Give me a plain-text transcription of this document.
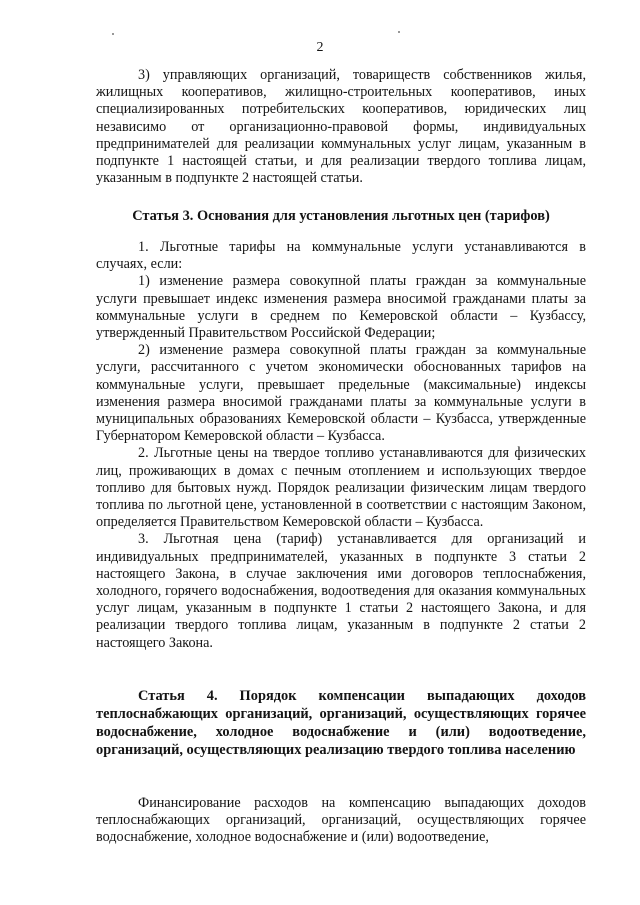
2

3) управляющих организаций, товариществ собственников жилья, жилищных кооперативов, жилищно-строительных кооперативов, иных специализированных потребительских кооперативов, юридических лиц независимо от организационно-правовой формы, индивидуальных предпринимателей для реализации коммунальных услуг лицам, указанным в подпункте 1 настоящей статьи, и для реализации твердого топлива лицам, указанным в подпункте 2 настоящей статьи.

Статья 3. Основания для установления льготных цен (тарифов)

1. Льготные тарифы на коммунальные услуги устанавливаются в случаях, если:

1) изменение размера совокупной платы граждан за коммунальные услуги превышает индекс изменения размера вносимой гражданами платы за коммунальные услуги в среднем по Кемеровской области – Кузбассу, утвержденный Правительством Российской Федерации;

2) изменение размера совокупной платы граждан за коммунальные услуги, рассчитанного с учетом экономически обоснованных тарифов на коммунальные услуги, превышает предельные (максимальные) индексы изменения размера вносимой гражданами платы за коммунальные услуги в муниципальных образованиях Кемеровской области – Кузбасса, утвержденные Губернатором Кемеровской области – Кузбасса.

2. Льготные цены на твердое топливо устанавливаются для физических лиц, проживающих в домах с печным отоплением и использующих твердое топливо для бытовых нужд. Порядок реализации физическим лицам твердого топлива по льготной цене, установленной в соответствии с настоящим Законом, определяется Правительством Кемеровской области – Кузбасса.

3. Льготная цена (тариф) устанавливается для организаций и индивидуальных предпринимателей, указанных в подпункте 3 статьи 2 настоящего Закона, в случае заключения ими договоров теплоснабжения, холодного, горячего водоснабжения, водоотведения для оказания коммунальных услуг лицам, указанным в подпункте 1 статьи 2 настоящего Закона, и для реализации твердого топлива лицам, указанным в подпункте 2 статьи 2 настоящего Закона.

Статья 4. Порядок компенсации выпадающих доходов теплоснабжающих организаций, организаций, осуществляющих горячее водоснабжение, холодное водоснабжение и (или) водоотведение, организаций, осуществляющих реализацию твердого топлива населению

Финансирование расходов на компенсацию выпадающих доходов теплоснабжающих организаций, организаций, осуществляющих горячее водоснабжение, холодное водоснабжение и (или) водоотведение,
